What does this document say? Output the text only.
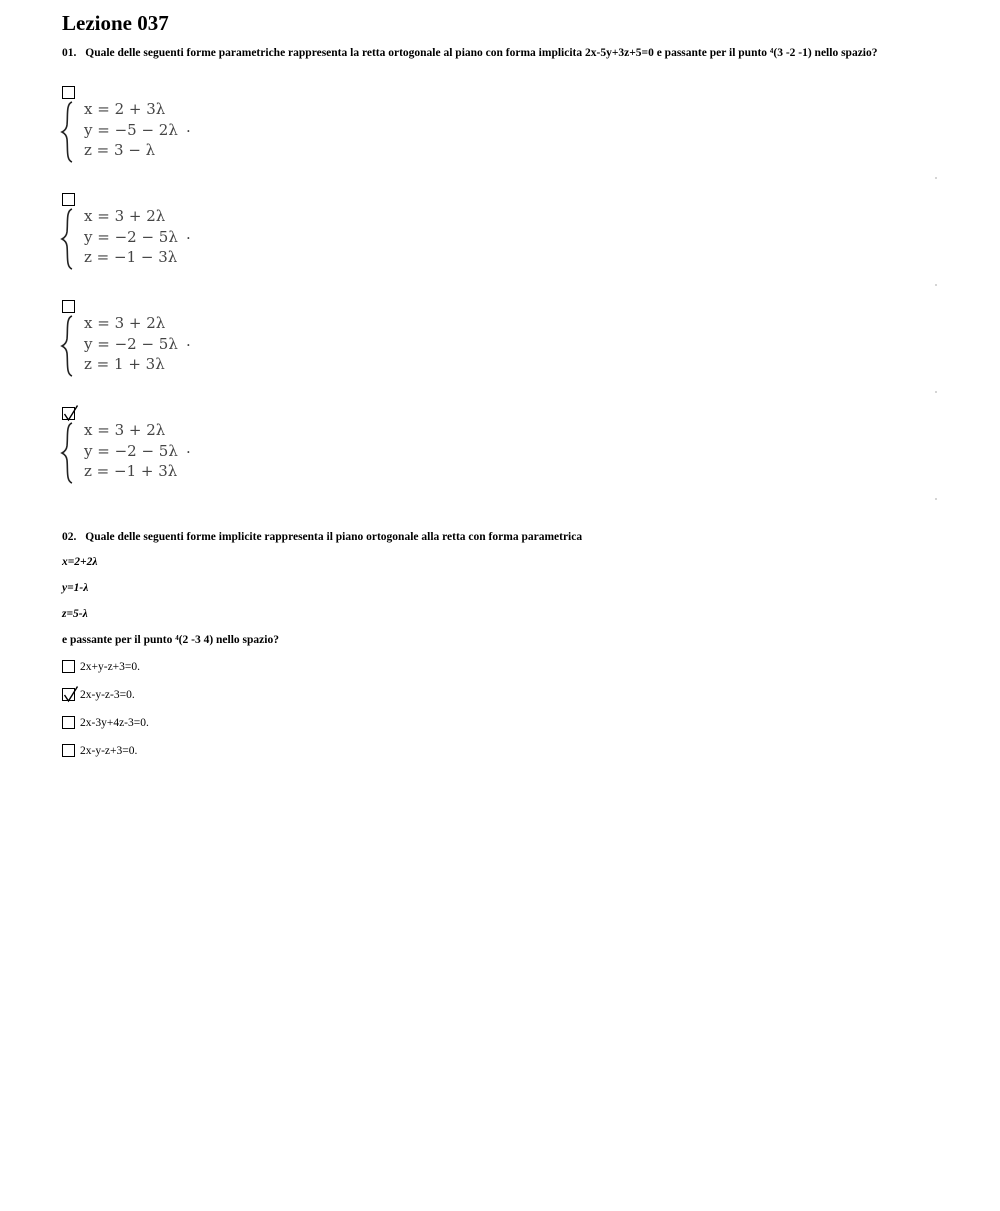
Lezione 037
01. Quale delle seguenti forme parametriche rappresenta la retta ortogonale al piano con forma implicita 2x-5y+3z+5=0 e passante per il punto ⁴(3 -2 -1) nello spazio?
x = 2 + 3λ
y = −5 − 2λ
z = 3 − λ
.
x = 3 + 2λ
y = −2 − 5λ
z = −1 − 3λ
.
x = 3 + 2λ
y = −2 − 5λ
z = 1 + 3λ
.
x = 3 + 2λ
y = −2 − 5λ
z = −1 + 3λ
.
02. Quale delle seguenti forme implicite rappresenta il piano ortogonale alla retta con forma parametrica
x=2+2λ
y=1-λ
z=5-λ
e passante per il punto ⁴(2 -3 4) nello spazio?
2x+y-z+3=0.
2x-y-z-3=0.
2x-3y+4z-3=0.
2x-y-z+3=0.
